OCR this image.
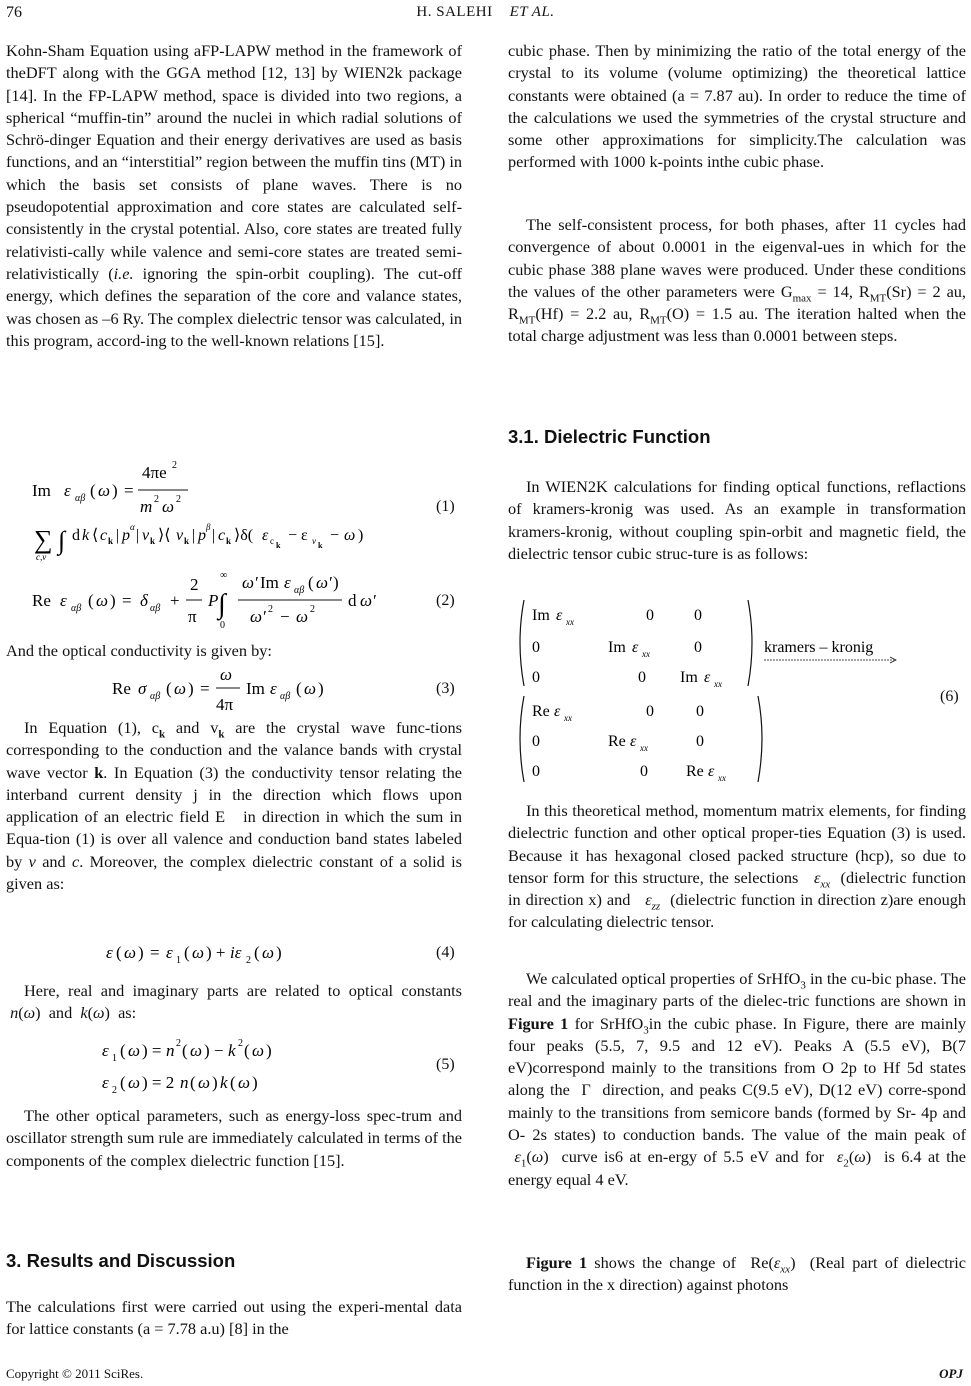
76	H. SALEHI ET AL.

Kohn-Sham Equation using aFP-LAPW method in the framework of theDFT along with the GGA method [12, 13] by WIEN2k package [14]. In the FP-LAPW method, space is divided into two regions, a spherical “muffin-tin” around the nuclei in which radial solutions of Schrö-dinger Equation and their energy derivatives are used as basis functions, and an “interstitial” region between the muffin tins (MT) in which the basis set consists of plane waves. There is no pseudopotential approximation and core states are calculated self-consistently in the crystal potential. Also, core states are treated fully relativisti-cally while valence and semi-core states are treated semi-relativistically (i.e. ignoring the spin-orbit coupling). The cut-off energy, which defines the separation of the core and valance states, was chosen as –6 Ry. The complex dielectric tensor was calculated, in this program, accord-ing to the well-known relations [15].

Im ε αβ ( ω ) =
4πe 2
m 2 ω 2
∑
c,v
∫ d k ⟨ c k | p α | v k ⟩⟨ v k | p β | c k ⟩δ( ε c k
− ε v k
− ω )
(1)
Re ε αβ ( ω ) = δ αβ +
2
π
P
∞
∫
0
ω′ Im ε αβ ( ω′ )
ω′ 2 − ω 2 d ω′	(2)

And the optical conductivity is given by:

Re σ αβ ( ω ) =
ω
4π
Im ε αβ ( ω )	(3)

In Equation (1), $c_k$ and $v_k$ are the crystal wave func-tions corresponding to the conduction and the valance bands with crystal wave vector k. In Equation (3) the conductivity tensor relating the interband current density j in the direction which flows upon application of an electric field E   in direction in which the sum in Equa-tion (1) is over all valence and conduction band states labeled by v and c. Moreover, the complex dielectric constant of a solid is given as:

ε ( ω ) = ε 1 ( ω ) + iε 2 ( ω )	(4)

Here, real and imaginary parts are related to optical constants  n(ω)  and  k(ω)  as:

ε 1 ( ω ) = n 2 ( ω ) − k 2 ( ω )
ε 2 ( ω ) = 2 n ( ω ) k ( ω )
(5)

The other optical parameters, such as energy-loss spec-trum and oscillator strength sum rule are immediately calculated in terms of the components of the complex dielectric function [15].

3. Results and Discussion

The calculations first were carried out using the experi-mental data for lattice constants (a = 7.78 a.u) [8] in the

cubic phase. Then by minimizing the ratio of the total energy of the crystal to its volume (volume optimizing) the theoretical lattice constants were obtained (a = 7.87 au). In order to reduce the time of the calculations we used the symmetries of the crystal structure and some other approximations for simplicity.The calculation was performed with 1000 k-points inthe cubic phase.

The self-consistent process, for both phases, after 11 cycles had convergence of about 0.0001 in the eigenval-ues in which for the cubic phase 388 plane waves were produced. Under these conditions the values of the other parameters were $G_{max} = 14$, $R_{MT}(Sr) = 2$ au, $R_{MT}(Hf) = 2.2$ au, $R_{MT}(O) = 1.5$ au. The iteration halted when the total charge adjustment was less than 0.0001 between steps.

3.1. Dielectric Function

In WIEN2K calculations for finding optical functions, reflactions of kramers-kronig was used. As an example in transformation kramers-kronig, without coupling spin-orbit and magnetic field, the dielectric tensor cubic struc-ture is as follows:

Im ε xx	0	0
0	Im ε xx	0
0	0 Im ε xx
kramers – kronig
Re ε xx	0	0
0	Re ε xx	0
0	0 Re ε xx
(6)

In this theoretical method, momentum matrix elements, for finding dielectric function and other optical proper-ties Equation (3) is used. Because it has hexagonal closed packed structure (hcp), so due to tensor form for this structure, the selections   $\varepsilon_{xx}$  (dielectric function in direction x) and   $\varepsilon_{zz}$  (dielectric function in direction z)are enough for calculating dielectric tensor.

We calculated optical properties of SrHfO$_3$ in the cu-bic phase. The real and the imaginary parts of the dielec-tric functions are shown in Figure 1 for SrHfO$_3$in the cubic phase. In Figure, there are mainly four peaks (5.5, 7, 9.5 and 12 eV). Peaks A (5.5 eV), B(7 eV)correspond mainly to the transitions from O 2p to Hf 5d states along the  Γ  direction, and peaks C(9.5 eV), D(12 eV) corre-spond mainly to the transitions from semicore bands (formed by Sr- 4p and O- 2s states) to conduction bands. The value of the main peak of  $\varepsilon_1(\omega)$  curve is6 at en-ergy of 5.5 eV and for  $\varepsilon_2(\omega)$  is 6.4 at the energy equal 4 eV.

Figure 1 shows the change of  $Re(\varepsilon_{xx})$  (Real part of dielectric function in the x direction) against photons

Copyright © 2011 SciRes.	OPJ
